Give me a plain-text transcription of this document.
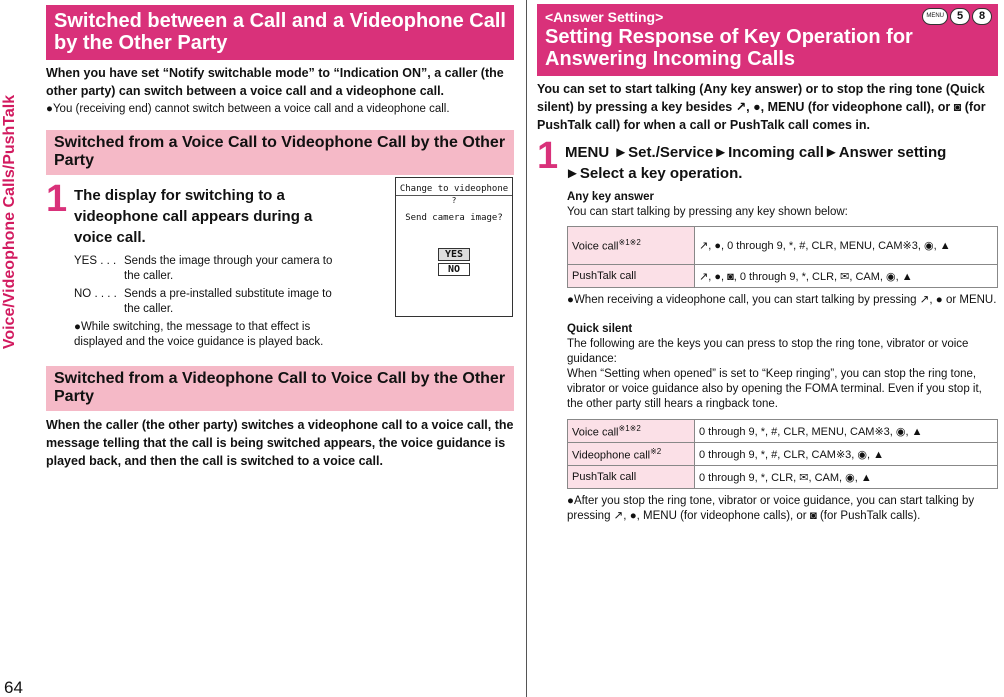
Voice/Videophone Calls/PushTalk
64
Switched between a Call and a Videophone Call by the Other Party
When you have set “Notify switchable mode” to “Indication ON”, a caller (the other party) can switch between a voice call and a videophone call.
●You (receiving end) cannot switch between a voice call and a videophone call.
Switched from a Voice Call to Videophone Call by the Other Party
1 The display for switching to a videophone call appears during a voice call.
YES . . . Sends the image through your camera to the caller.
NO . . . . Sends a pre-installed substitute image to the caller.
●While switching, the message to that effect is displayed and the voice guidance is played back.
Change to videophone
?
Send camera image?
YES
NO
Switched from a Videophone Call to Voice Call by the Other Party
When the caller (the other party) switches a videophone call to a voice call, the message telling that the call is being switched appears, the voice guidance is played back, and then the call is switched to a voice call.
<Answer Setting>	MENU	5	8
Setting Response of Key Operation for Answering Incoming Calls
You can set to start talking (Any key answer) or to stop the ring tone (Quick silent) by pressing a key besides ↗, ●, MENU (for videophone call), or ◙ (for PushTalk call) for when a call or PushTalk call comes in.
1 MENU ►Set./Service►Incoming call►Answer setting
►Select a key operation.
Any key answer
You can start talking by pressing any key shown below:
Voice call$^{※1※2}$	↗, ●, 0 through 9, *, #, CLR, MENU, CAM※3, ◉, ▲
PushTalk call	↗, ●, ◙, 0 through 9, *, CLR, ✉, CAM, ◉, ▲
●When receiving a videophone call, you can start talking by pressing ↗, ● or MENU.
Quick silent
The following are the keys you can press to stop the ring tone, vibrator or voice guidance:
When “Setting when opened” is set to “Keep ringing”, you can stop the ring tone, vibrator or voice guidance also by opening the FOMA terminal. Even if you stop it, the other party still hears a ringback tone.
Voice call$^{※1※2}$	0 through 9, *, #, CLR, MENU, CAM※3, ◉, ▲
Videophone call$^{※2}$	0 through 9, *, #, CLR, CAM※3, ◉, ▲
PushTalk call	0 through 9, *, CLR, ✉, CAM, ◉, ▲
●After you stop the ring tone, vibrator or voice guidance, you can start talking by pressing ↗, ●, MENU (for videophone calls), or ◙ (for PushTalk calls).
